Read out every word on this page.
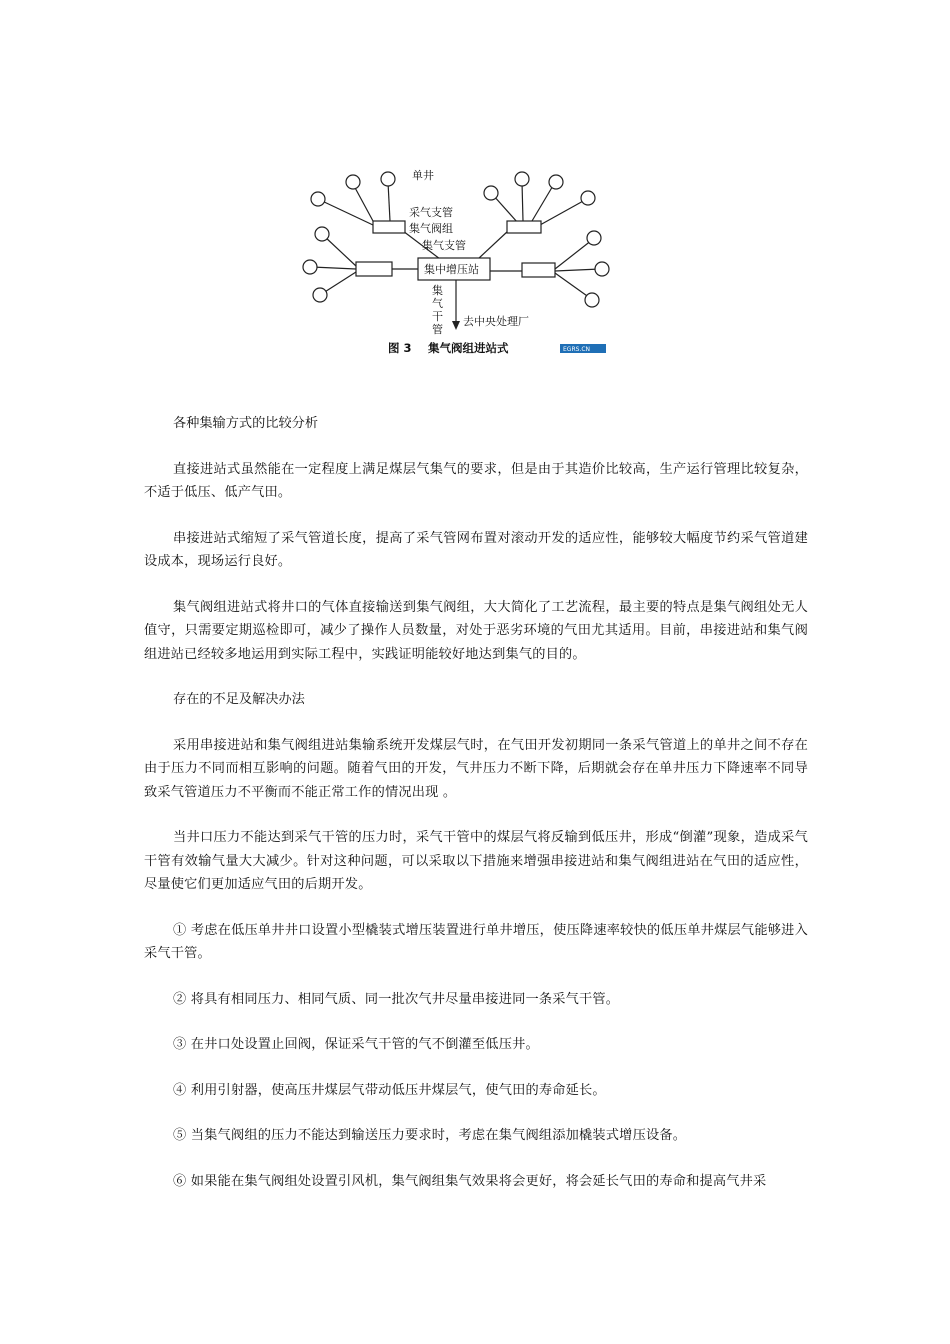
单井
采气支管
集气阀组
集气支管
集中增压站
集
气
干
管
去中央处理厂
图 3 集气阀组进站式	EGRS.CN

各种集输方式的比较分析

直接进站式虽然能在一定程度上满足煤层气集气的要求，但是由于其造价比较高，生产运行管理比较复杂，不适于低压、低产气田。

串接进站式缩短了采气管道长度，提高了采气管网布置对滚动开发的适应性，能够较大幅度节约采气管道建设成本，现场运行良好。

集气阀组进站式将井口的气体直接输送到集气阀组，大大简化了工艺流程，最主要的特点是集气阀组处无人值守，只需要定期巡检即可，减少了操作人员数量，对处于恶劣环境的气田尤其适用。目前，串接进站和集气阀组进站已经较多地运用到实际工程中，实践证明能较好地达到集气的目的。

存在的不足及解决办法

采用串接进站和集气阀组进站集输系统开发煤层气时，在气田开发初期同一条采气管道上的单井之间不存在由于压力不同而相互影响的问题。随着气田的开发，气井压力不断下降，后期就会存在单井压力下降速率不同导致采气管道压力不平衡而不能正常工作的情况出现 。

当井口压力不能达到采气干管的压力时，采气干管中的煤层气将反输到低压井，形成“倒灌”现象，造成采气干管有效输气量大大减少。针对这种问题，可以采取以下措施来增强串接进站和集气阀组进站在气田的适应性，尽量使它们更加适应气田的后期开发。

① 考虑在低压单井井口设置小型橇装式增压装置进行单井增压，使压降速率较快的低压单井煤层气能够进入采气干管。

② 将具有相同压力、相同气质、同一批次气井尽量串接进同一条采气干管。

③ 在井口处设置止回阀，保证采气干管的气不倒灌至低压井。

④ 利用引射器，使高压井煤层气带动低压井煤层气，使气田的寿命延长。

⑤ 当集气阀组的压力不能达到输送压力要求时，考虑在集气阀组添加橇装式增压设备。

⑥ 如果能在集气阀组处设置引风机，集气阀组集气效果将会更好，将会延长气田的寿命和提高气井采
